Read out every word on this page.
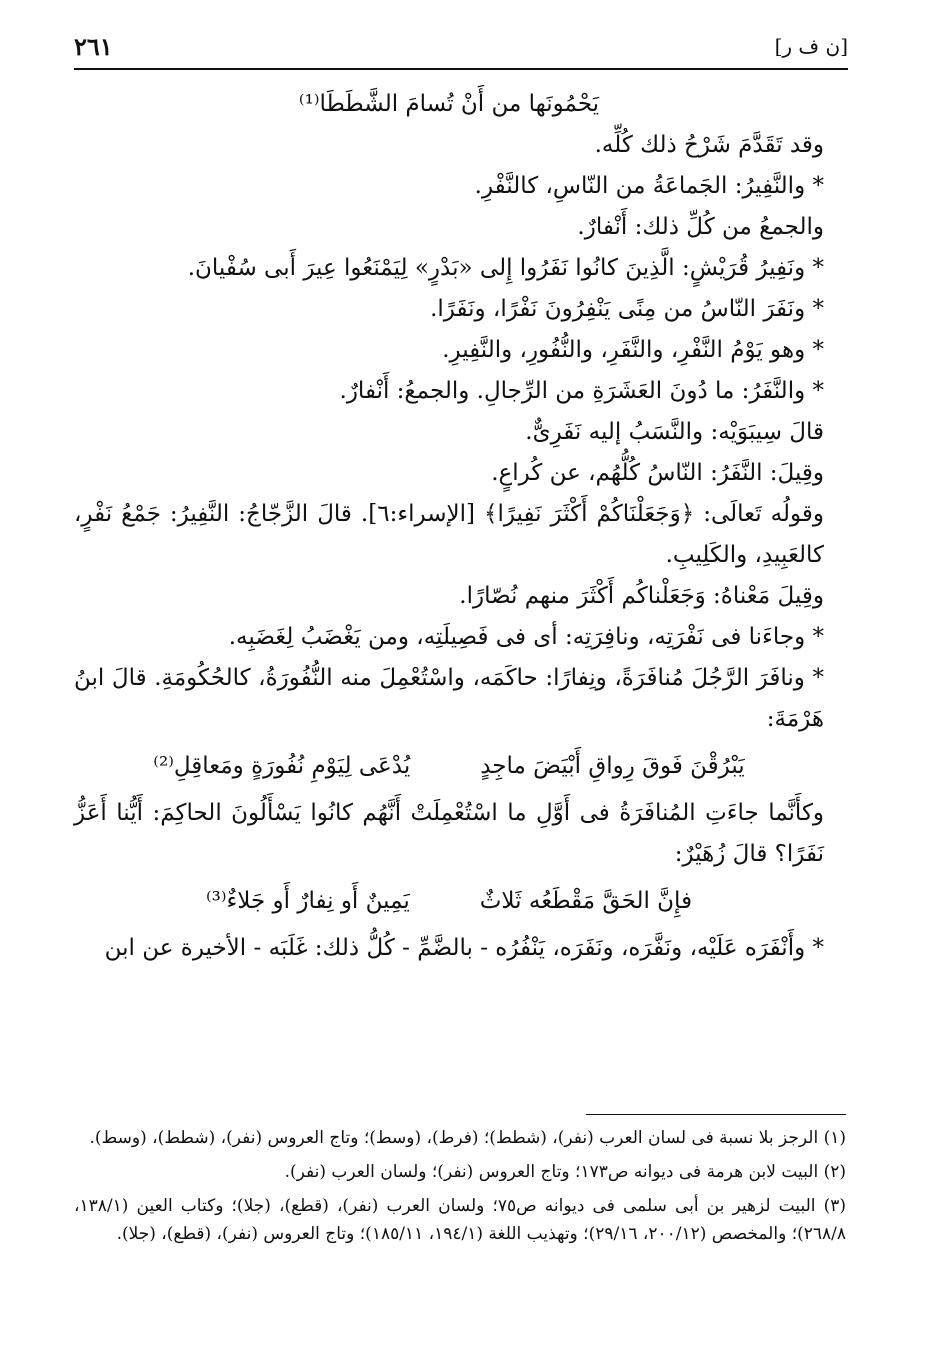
٢٦١	[ن ف ر]

يَحْمُونَها من أَنْ تُسامَ الشَّطَطَا⁽¹⁾

وقد تَقَدَّمَ شَرْحُ ذلك كُلِّه.

* والنَّفِيرُ: الجَماعَةُ من النّاسِ، كالنَّفْرِ.

والجمعُ من كُلِّ ذلك: أَنْفارٌ.

* ونَفِيرُ قُرَيْشٍ: الَّذِينَ كانُوا نَفَرُوا إِلى «بَدْرٍ» لِيَمْنَعُوا عِيرَ أَبى سُفْيانَ.

* ونَفَرَ النّاسُ من مِنًى يَنْفِرُونَ نَفْرًا، ونَفَرًا.

* وهو يَوْمُ النَّفْرِ، والنَّفَرِ، والنُّفُورِ، والنَّفِيرِ.

* والنَّفَرُ: ما دُونَ العَشَرَةِ من الرِّجالِ. والجمعُ: أَنْفارٌ.

قالَ سِيبَوَيْه: والنَّسَبُ إليه نَفَرِىٌّ.

وقِيلَ: النَّفَرُ: النّاسُ كُلُّهُم، عن كُراعٍ.

وقولُه تَعالَى: ﴿وَجَعَلْنَاكُمْ أَكْثَرَ نَفِيرًا﴾ [الإسراء:٦]. قالَ الزَّجّاجُ: النَّفِيرُ: جَمْعُ نَفْرٍ، كالعَبِيدِ، والكَلِيبِ.

وقِيلَ مَعْناهُ: وَجَعَلْناكُم أَكْثَرَ منهم نُصّارًا.

* وجاءَنا فى نَفْرَتِه، ونافِرَتِه: أى فى فَصِيلَتِه، ومن يَغْضَبُ لِغَضَبِه.

* ونافَرَ الرَّجُلَ مُنافَرَةً، ونِفارًا: حاكَمَه، واسْتُعْمِلَ منه النُّفُورَةُ، كالحُكُومَةِ. قالَ ابنُ هَرْمَةَ:

يَبْرُقْنَ فَوقَ رِواقِ أَبْيَضَ ماجِدٍ
يُدْعَى لِيَوْمِ نُفُورَةٍ ومَعاقِلِ⁽²⁾

وكأَنَّما جاءَتِ المُنافَرَةُ فى أَوَّلِ ما اسْتُعْمِلَتْ أَنَّهُم كانُوا يَسْأَلُونَ الحاكِمَ: أَيُّنا أَعَزُّ نَفَرًا؟ قالَ زُهَيْرٌ:

فإِنَّ الحَقَّ مَقْطَعُه ثَلاثٌ
يَمِينٌ أَو نِفارٌ أَو جَلاءٌ⁽³⁾

* وأَنْفَرَه عَلَيْه، ونَفَّرَه، ونَفَرَه، يَنْفُرُه - بالضَّمِّ - كُلُّ ذلك: غَلَبَه - الأخيرة عن ابن

(١) الرجز بلا نسبة فى لسان العرب (نفر)، (شطط)؛ (فرط)، (وسط)؛ وتاج العروس (نفر)، (شطط)، (وسط).

(٢) البيت لابن هرمة فى ديوانه ص١٧٣؛ وتاج العروس (نفر)؛ ولسان العرب (نفر).

(٣) البيت لزهير بن أبى سلمى فى ديوانه ص٧٥؛ ولسان العرب (نفر)، (قطع)، (جلا)؛ وكتاب العين (١٣٨/١، ٢٦٨/٨)؛ والمخصص (٢٠٠/١٢، ٢٩/١٦)؛ وتهذيب اللغة (١٩٤/١، ١٨٥/١١)؛ وتاج العروس (نفر)، (قطع)، (جلا).
